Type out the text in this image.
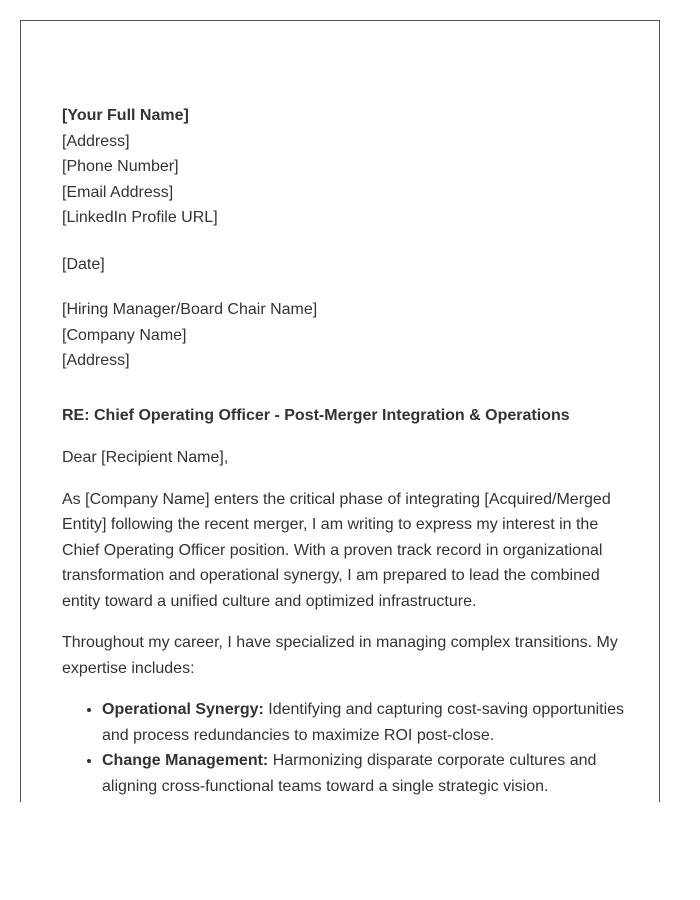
[Your Full Name]
[Address]
[Phone Number]
[Email Address]
[LinkedIn Profile URL]
[Date]
[Hiring Manager/Board Chair Name]
[Company Name]
[Address]
RE: Chief Operating Officer - Post-Merger Integration & Operations
Dear [Recipient Name],

As [Company Name] enters the critical phase of integrating [Acquired/Merged Entity] following the recent merger, I am writing to express my interest in the Chief Operating Officer position. With a proven track record in organizational transformation and operational synergy, I am prepared to lead the combined entity toward a unified culture and optimized infrastructure.

Throughout my career, I have specialized in managing complex transitions. My expertise includes:

• Operational Synergy: Identifying and capturing cost-saving opportunities and process redundancies to maximize ROI post-close.
• Change Management: Harmonizing disparate corporate cultures and aligning cross-functional teams toward a single strategic vision.
